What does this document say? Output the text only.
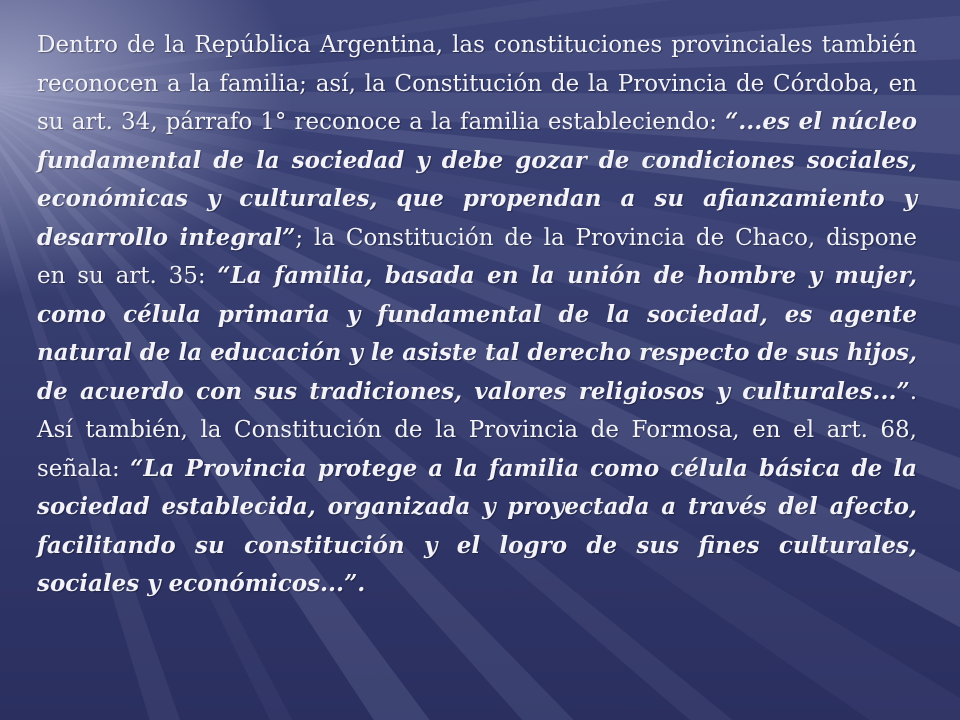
Dentro de la República Argentina, las constituciones provinciales también reconocen a la familia; así, la Constitución de la Provincia de Córdoba, en su art. 34, párrafo 1° reconoce a la familia estableciendo: “...es el núcleo fundamental de la sociedad y debe gozar de condiciones sociales, económicas y culturales, que propendan a su afianzamiento y desarrollo integral”; la Constitución de la Provincia de Chaco, dispone en su art. 35: “La familia, basada en la unión de hombre y mujer, como célula primaria y fundamental de la sociedad, es agente natural de la educación y le asiste tal derecho respecto de sus hijos, de acuerdo con sus tradiciones, valores religiosos y culturales...”. Así también, la Constitución de la Provincia de Formosa, en el art. 68, señala: “La Provincia protege a la familia como célula básica de la sociedad establecida, organizada y proyectada a través del afecto, facilitando su constitución y el logro de sus fines culturales, sociales y económicos...”.
